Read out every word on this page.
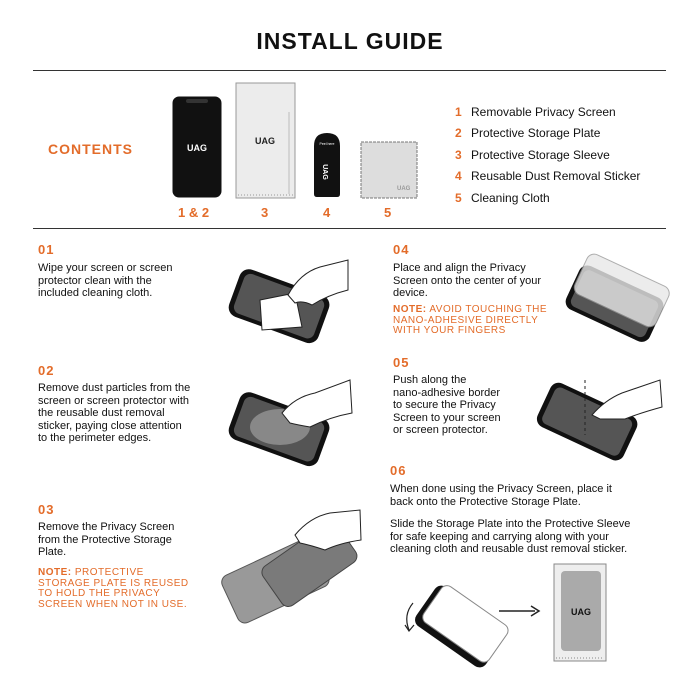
INSTALL GUIDE
CONTENTS	UAG
UAG	Peel here
UAG
UAG
1 & 2	3	4	5
1 Removable Privacy Screen
2 Protective Storage Plate
3 Protective Storage Sleeve
4 Reusable Dust Removal Sticker
5 Cleaning Cloth
01
Wipe your screen or screen
protector clean with the
included cleaning cloth.
02
Remove dust particles from the
screen or screen protector with
the reusable dust removal
sticker, paying close attention
to the perimeter edges.
03
Remove the Privacy Screen
from the Protective Storage
Plate.
NOTE: PROTECTIVE
STORAGE PLATE IS REUSED
TO HOLD THE PRIVACY
SCREEN WHEN NOT IN USE.
04
Place and align the Privacy
Screen onto the center of your
device.
NOTE: AVOID TOUCHING THE
NANO-ADHESIVE DIRECTLY
WITH YOUR FINGERS
05
Push along the
nano-adhesive border
to secure the Privacy
Screen to your screen
or screen protector.
06
When done using the Privacy Screen, place it
back onto the Protective Storage Plate.
Slide the Storage Plate into the Protective Sleeve
for safe keeping and carrying along with your
cleaning cloth and reusable dust removal sticker.
UAG
UAG
